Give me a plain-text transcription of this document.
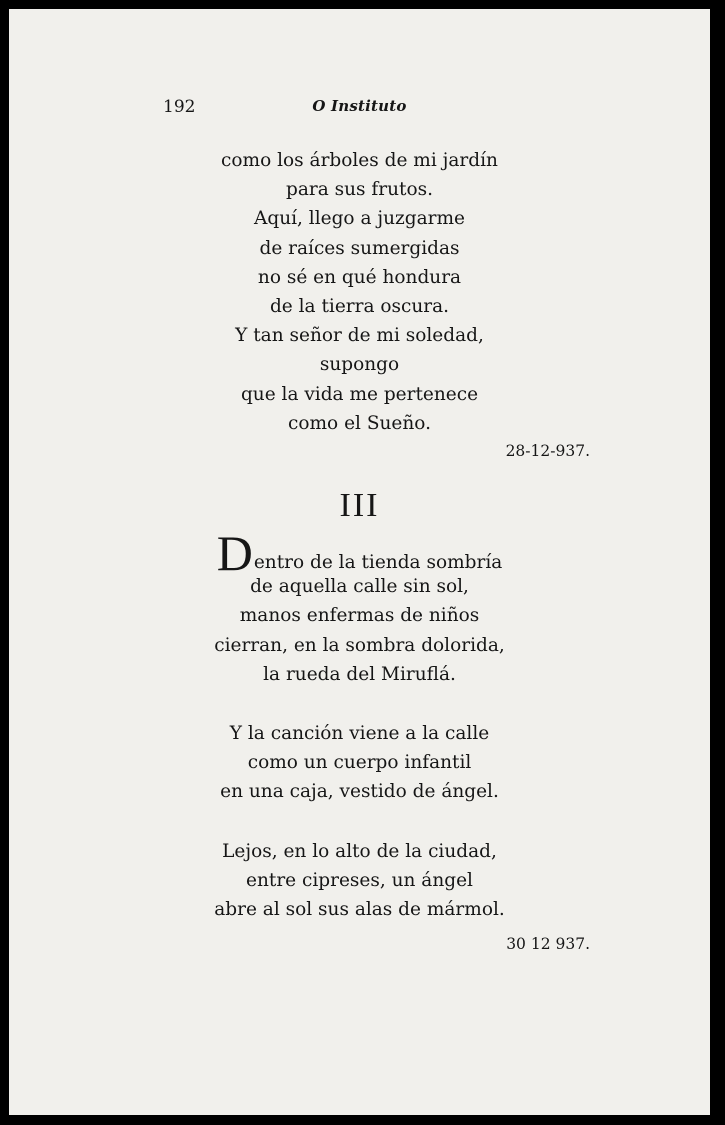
192	O Instituto
como los árboles de mi jardín
para sus frutos.
Aquí, llego a juzgarme
de raíces sumergidas
no sé en qué hondura
de la tierra oscura.
Y tan señor de mi soledad,
supongo
que la vida me pertenece
como el Sueño.
28-12-937.
III
Dentro de la tienda sombría
de aquella calle sin sol,
manos enfermas de niños
cierran, en la sombra dolorida,
la rueda del Miruflá.
Y la canción viene a la calle
como un cuerpo infantil
en una caja, vestido de ángel.
Lejos, en lo alto de la ciudad,
entre cipreses, un ángel
abre al sol sus alas de mármol.
30 12 937.
